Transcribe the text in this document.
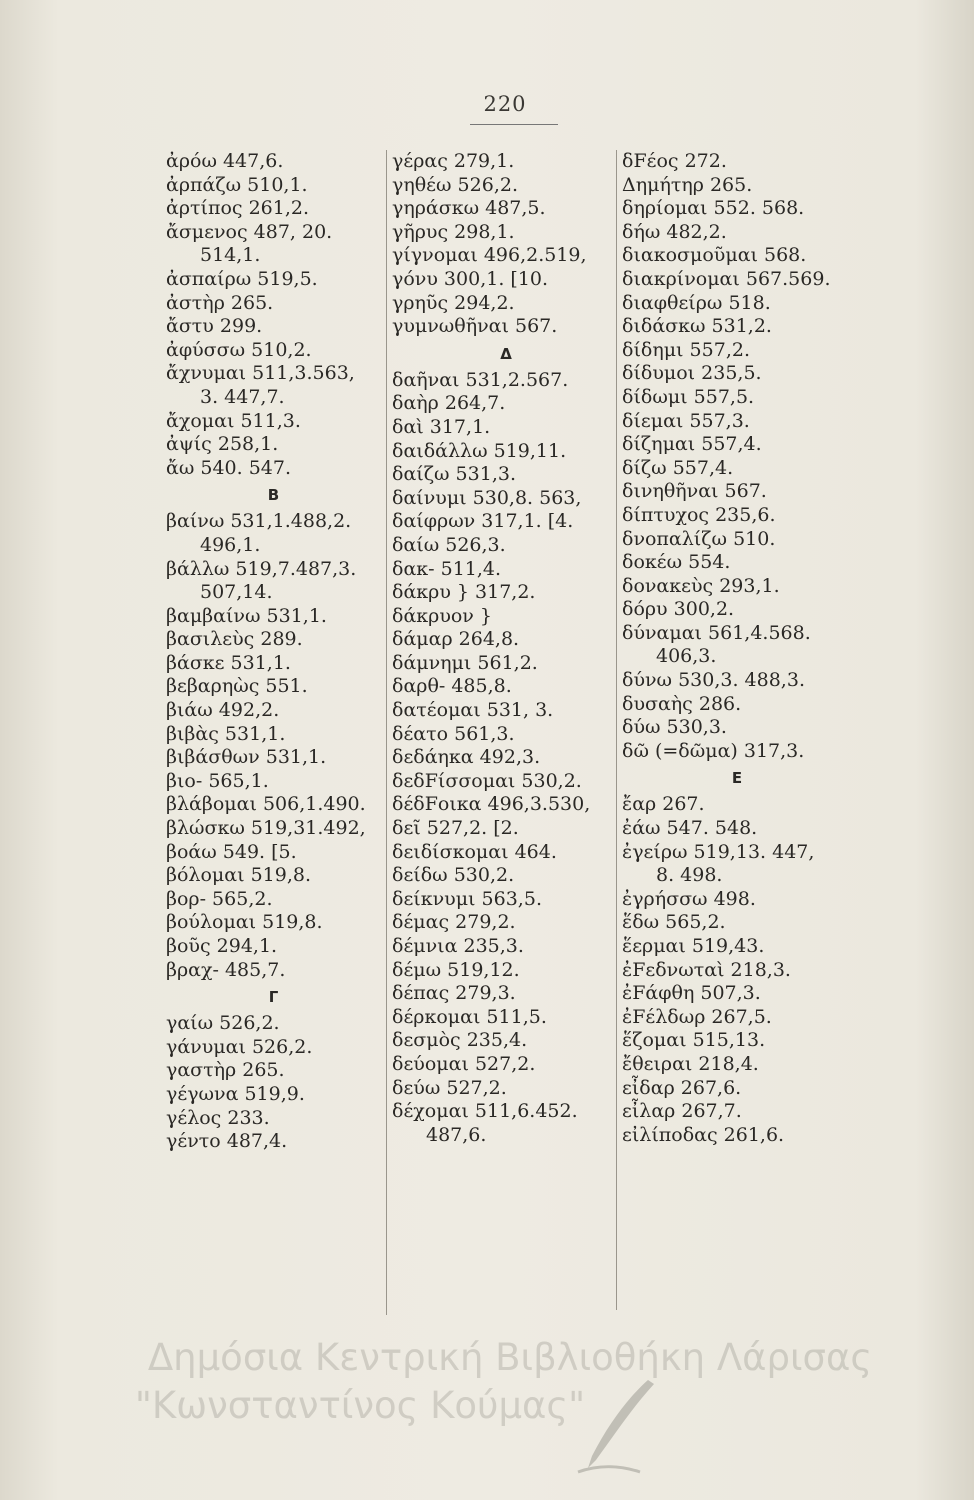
220
ἀρόω 447,6.
ἀρπάζω 510,1.
ἀρτίπος 261,2.
ἄσμενος 487, 20.
514,1.
ἀσπαίρω 519,5.
ἀστὴρ 265.
ἄστυ 299.
ἀφύσσω 510,2.
ἄχνυμαι 511,3.563,
3. 447,7.
ἄχομαι 511,3.
ἀψίς 258,1.
ἄω 540. 547.
B
βαίνω 531,1.488,2.
496,1.
βάλλω 519,7.487,3.
507,14.
βαμβαίνω 531,1.
βασιλεὺς 289.
βάσκε 531,1.
βεβαρηὼς 551.
βιάω 492,2.
βιβὰς 531,1.
βιβάσθων 531,1.
βιο- 565,1.
βλάβομαι 506,1.490.
βλώσκω 519,31.492,
βοάω 549. [5.
βόλομαι 519,8.
βορ- 565,2.
βούλομαι 519,8.
βοῦς 294,1.
βραχ- 485,7.
Γ
γαίω 526,2.
γάνυμαι 526,2.
γαστὴρ 265.
γέγωνα 519,9.
γέλος 233.
γέντο 487,4.
γέρας 279,1.
γηθέω 526,2.
γηράσκω 487,5.
γῆρυς 298,1.
γίγνομαι 496,2.519,
γόνυ 300,1. [10.
γρηῦς 294,2.
γυμνωθῆναι 567.
Δ
δαῆναι 531,2.567.
δαὴρ 264,7.
δαὶ 317,1.
δαιδάλλω 519,11.
δαίζω 531,3.
δαίνυμι 530,8. 563,
δαίφρων 317,1. [4.
δαίω 526,3.
δακ- 511,4.
δάκρυ } 317,2.
δάκρυον }
δάμαρ 264,8.
δάμνημι 561,2.
δαρθ- 485,8.
δατέομαι 531, 3.
δέατο 561,3.
δεδάηκα 492,3.
δεδFίσσομαι 530,2.
δέδFοικα 496,3.530,
δεῖ 527,2. [2.
δειδίσκομαι 464.
δείδω 530,2.
δείκνυμι 563,5.
δέμας 279,2.
δέμνια 235,3.
δέμω 519,12.
δέπας 279,3.
δέρκομαι 511,5.
δεσμὸς 235,4.
δεύομαι 527,2.
δεύω 527,2.
δέχομαι 511,6.452.
487,6.
δFέος 272.
Δημήτηρ 265.
δηρίομαι 552. 568.
δήω 482,2.
διακοσμοῦμαι 568.
διακρίνομαι 567.569.
διαφθείρω 518.
διδάσκω 531,2.
δίδημι 557,2.
δίδυμοι 235,5.
δίδωμι 557,5.
δίεμαι 557,3.
δίζημαι 557,4.
δίζω 557,4.
δινηθῆναι 567.
δίπτυχος 235,6.
δνοπαλίζω 510.
δοκέω 554.
δονακεὺς 293,1.
δόρυ 300,2.
δύναμαι 561,4.568.
406,3.
δύνω 530,3. 488,3.
δυσαὴς 286.
δύω 530,3.
δῶ (=δῶμα) 317,3.
E
ἔαρ 267.
ἐάω 547. 548.
ἐγείρω 519,13. 447,
8. 498.
ἐγρήσσω 498.
ἕδω 565,2.
ἕερμαι 519,43.
ἐFεδνωταὶ 218,3.
ἐFάφθη 507,3.
ἐFέλδωρ 267,5.
ἕζομαι 515,13.
ἔθειραι 218,4.
εἶδαρ 267,6.
εἶλαρ 267,7.
εἰλίποδας 261,6.
Δημόσια Κεντρική Βιβλιοθήκη Λάρισας
"Κωνσταντίνος Κούμας"
